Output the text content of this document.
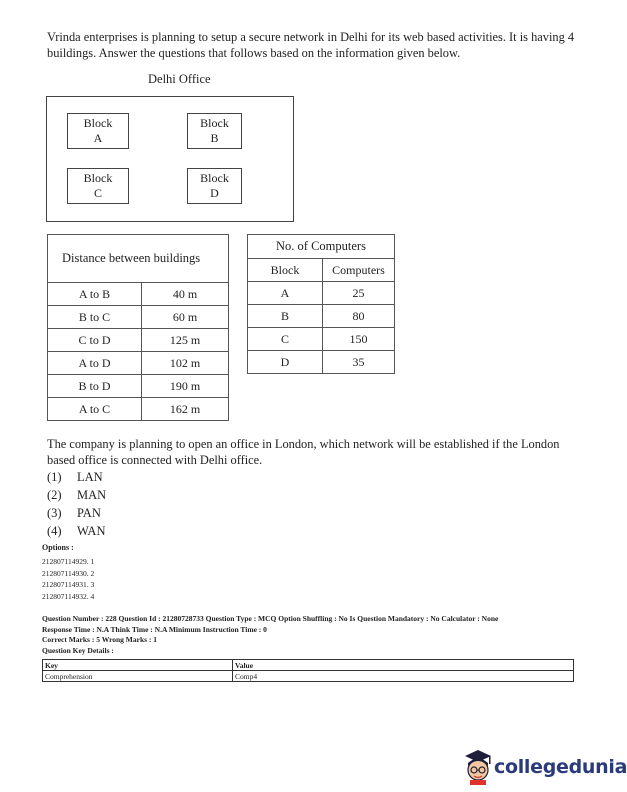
Vrinda enterprises is planning to setup a secure network in Delhi for its web based activities. It is having 4 buildings. Answer the questions that follows based on the information given below.
Delhi Office
Block
A
Block
B
Block
C
Block
D
Distance between buildings	
A to B	40 m
B to C	60 m
C to D	125 m
A to D	102 m
B to D	190 m
A to C	162 m
No. of Computers	
Block	Computers
A	25
B	80
C	150
D	35
The company is planning to open an office in London, which network will be established if the London based office is connected with Delhi office.
(1) LAN
(2) MAN
(3) PAN
(4) WAN
Options :
212807114929. 1
212807114930. 2
212807114931. 3
212807114932. 4
Question Number : 228 Question Id : 21280728733 Question Type : MCQ Option Shuffling : No Is Question Mandatory : No Calculator : None
Response Time : N.A Think Time : N.A Minimum Instruction Time : 0
Correct Marks : 5 Wrong Marks : 1
Question Key Details :
Key	Value
Comprehension	Comp4
collegedunia
